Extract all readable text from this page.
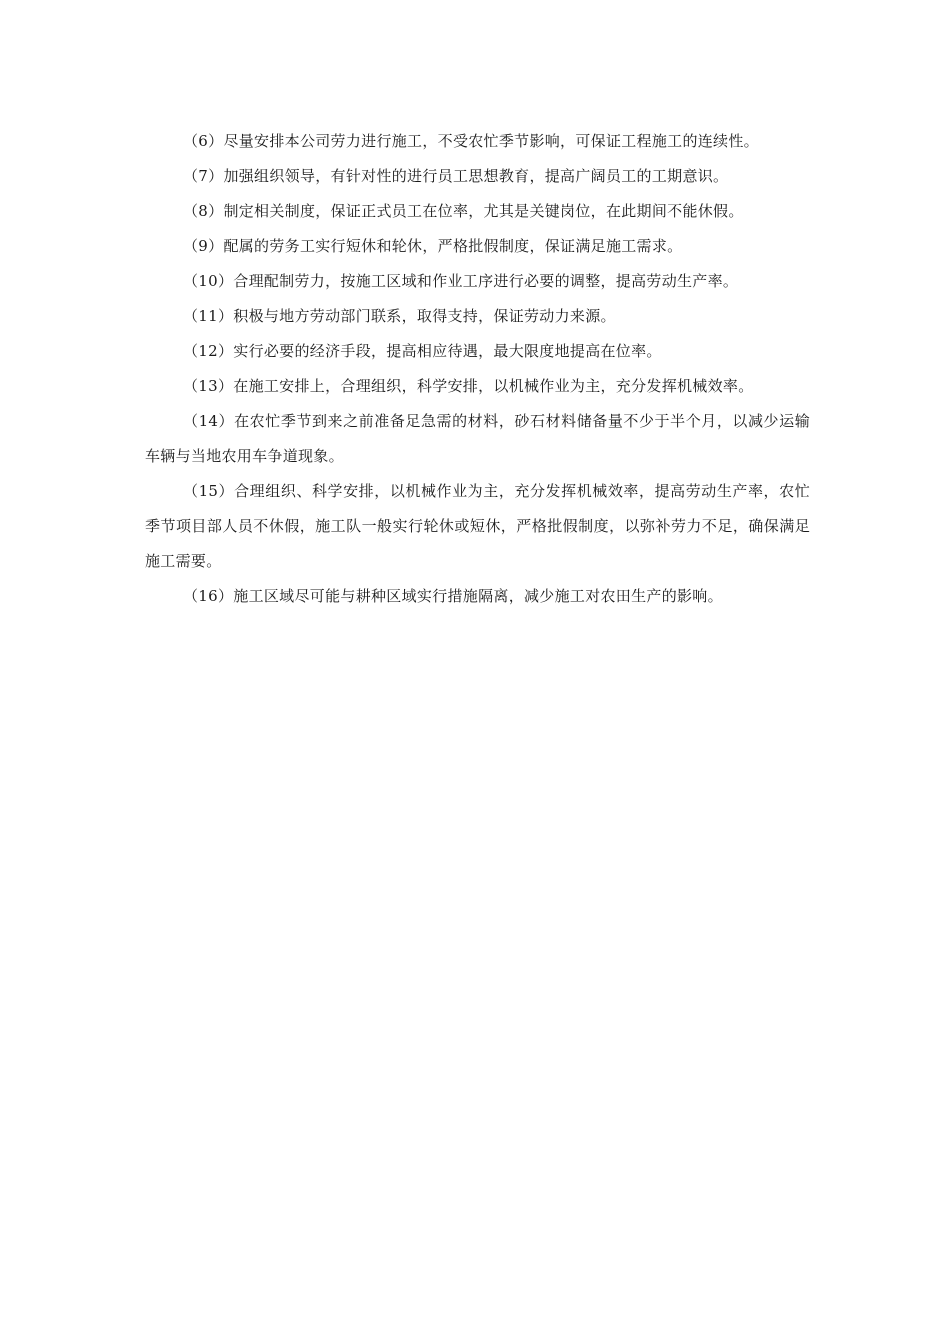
（6）尽量安排本公司劳力进行施工，不受农忙季节影响，可保证工程施工的连续性。

（7）加强组织领导，有针对性的进行员工思想教育，提高广阔员工的工期意识。

（8）制定相关制度，保证正式员工在位率，尤其是关键岗位，在此期间不能休假。

（9）配属的劳务工实行短休和轮休，严格批假制度，保证满足施工需求。

（10）合理配制劳力，按施工区域和作业工序进行必要的调整，提高劳动生产率。

（11）积极与地方劳动部门联系，取得支持，保证劳动力来源。

（12）实行必要的经济手段，提高相应待遇，最大限度地提高在位率。

（13）在施工安排上，合理组织，科学安排，以机械作业为主，充分发挥机械效率。

（14）在农忙季节到来之前准备足急需的材料，砂石材料储备量不少于半个月，以减少运输车辆与当地农用车争道现象。

（15）合理组织、科学安排，以机械作业为主，充分发挥机械效率，提高劳动生产率，农忙季节项目部人员不休假，施工队一般实行轮休或短休，严格批假制度，以弥补劳力不足，确保满足施工需要。

（16）施工区域尽可能与耕种区域实行措施隔离，减少施工对农田生产的影响。
